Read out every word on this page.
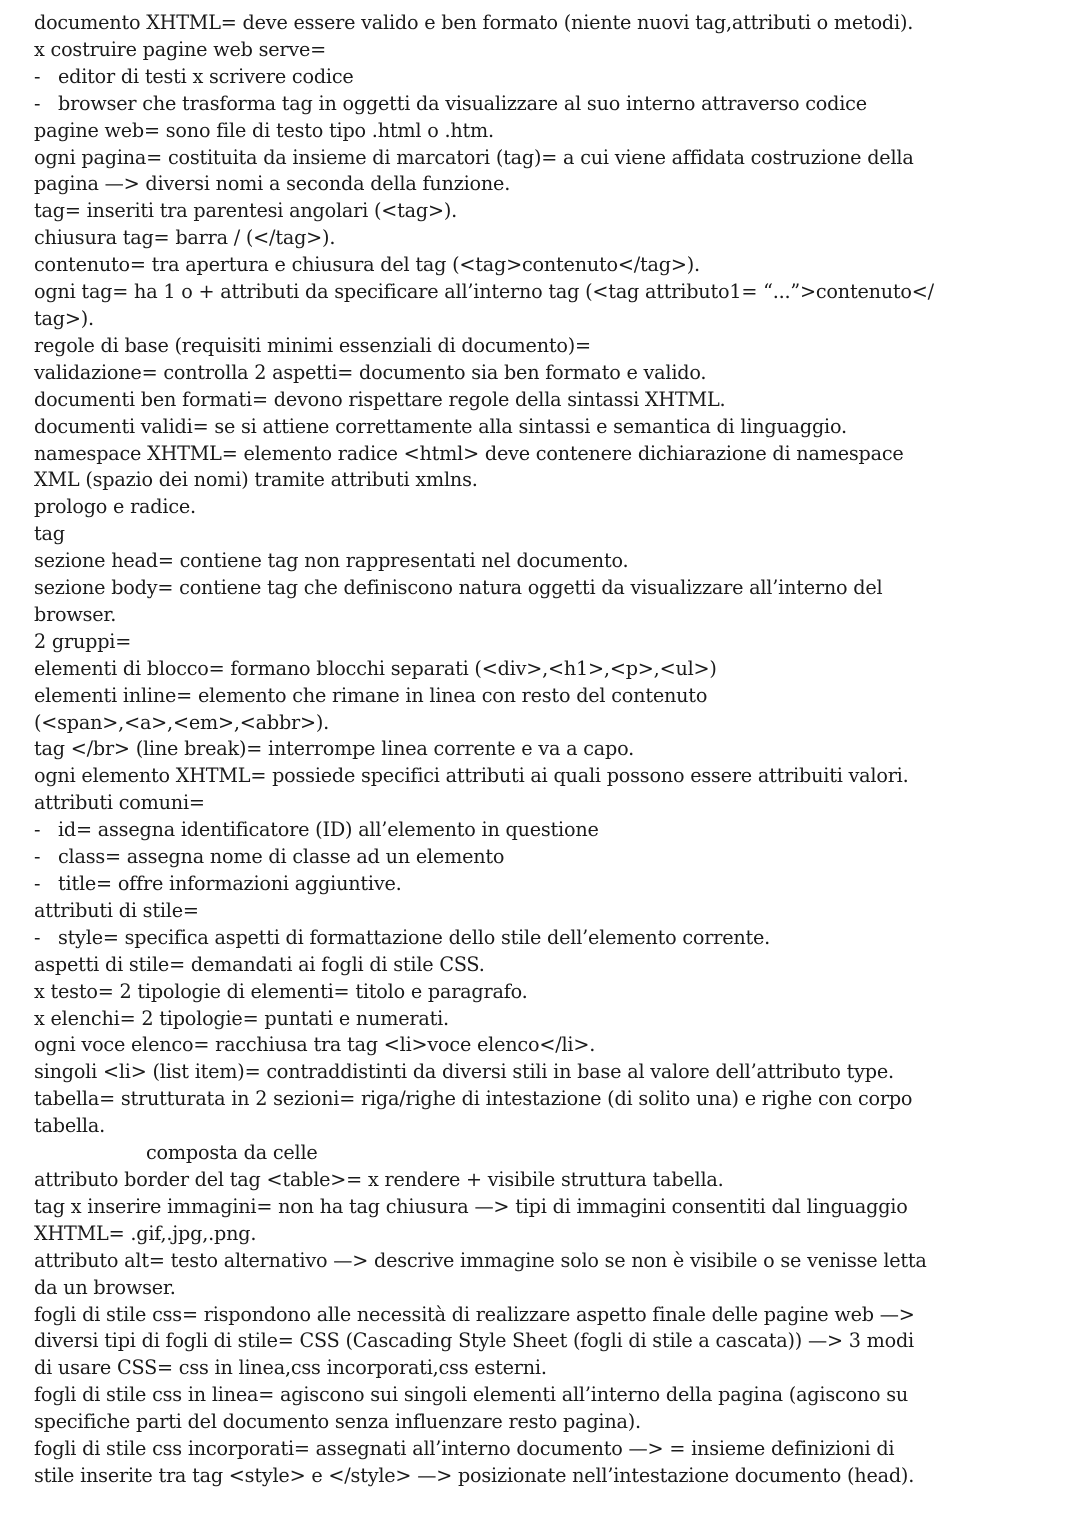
documento XHTML= deve essere valido e ben formato (niente nuovi tag,attributi o metodi).
x costruire pagine web serve=
- editor di testi x scrivere codice
- browser che trasforma tag in oggetti da visualizzare al suo interno attraverso codice
pagine web= sono file di testo tipo .html o .htm.
ogni pagina= costituita da insieme di marcatori (tag)= a cui viene affidata costruzione della
pagina —> diversi nomi a seconda della funzione.
tag= inseriti tra parentesi angolari (<tag>).
chiusura tag= barra / (</tag>).
contenuto= tra apertura e chiusura del tag (<tag>contenuto</tag>).
ogni tag= ha 1 o + attributi da specificare all’interno tag (<tag attributo1= “...”>contenuto</
tag>).
regole di base (requisiti minimi essenziali di documento)=
validazione= controlla 2 aspetti= documento sia ben formato e valido.
documenti ben formati= devono rispettare regole della sintassi XHTML.
documenti validi= se si attiene correttamente alla sintassi e semantica di linguaggio.
namespace XHTML= elemento radice <html> deve contenere dichiarazione di namespace
XML (spazio dei nomi) tramite attributi xmlns.
prologo e radice.
tag
sezione head= contiene tag non rappresentati nel documento.
sezione body= contiene tag che definiscono natura oggetti da visualizzare all’interno del
browser.
2 gruppi=
elementi di blocco= formano blocchi separati (<div>,<h1>,<p>,<ul>)
elementi inline= elemento che rimane in linea con resto del contenuto
(<span>,<a>,<em>,<abbr>).
tag </br> (line break)= interrompe linea corrente e va a capo.
ogni elemento XHTML= possiede specifici attributi ai quali possono essere attribuiti valori.
attributi comuni=
- id= assegna identificatore (ID) all’elemento in questione
- class= assegna nome di classe ad un elemento
- title= offre informazioni aggiuntive.
attributi di stile=
- style= specifica aspetti di formattazione dello stile dell’elemento corrente.
aspetti di stile= demandati ai fogli di stile CSS.
x testo= 2 tipologie di elementi= titolo e paragrafo.
x elenchi= 2 tipologie= puntati e numerati.
ogni voce elenco= racchiusa tra tag <li>voce elenco</li>.
singoli <li> (list item)= contraddistinti da diversi stili in base al valore dell’attributo type.
tabella= strutturata in 2 sezioni= riga/righe di intestazione (di solito una) e righe con corpo
tabella.
composta da celle
attributo border del tag <table>= x rendere + visibile struttura tabella.
tag x inserire immagini= non ha tag chiusura —> tipi di immagini consentiti dal linguaggio
XHTML= .gif,.jpg,.png.
attributo alt= testo alternativo —> descrive immagine solo se non è visibile o se venisse letta
da un browser.
fogli di stile css= rispondono alle necessità di realizzare aspetto finale delle pagine web —>
diversi tipi di fogli di stile= CSS (Cascading Style Sheet (fogli di stile a cascata)) —> 3 modi
di usare CSS= css in linea,css incorporati,css esterni.
fogli di stile css in linea= agiscono sui singoli elementi all’interno della pagina (agiscono su
specifiche parti del documento senza influenzare resto pagina).
fogli di stile css incorporati= assegnati all’interno documento —> = insieme definizioni di
stile inserite tra tag <style> e </style> —> posizionate nell’intestazione documento (head).
